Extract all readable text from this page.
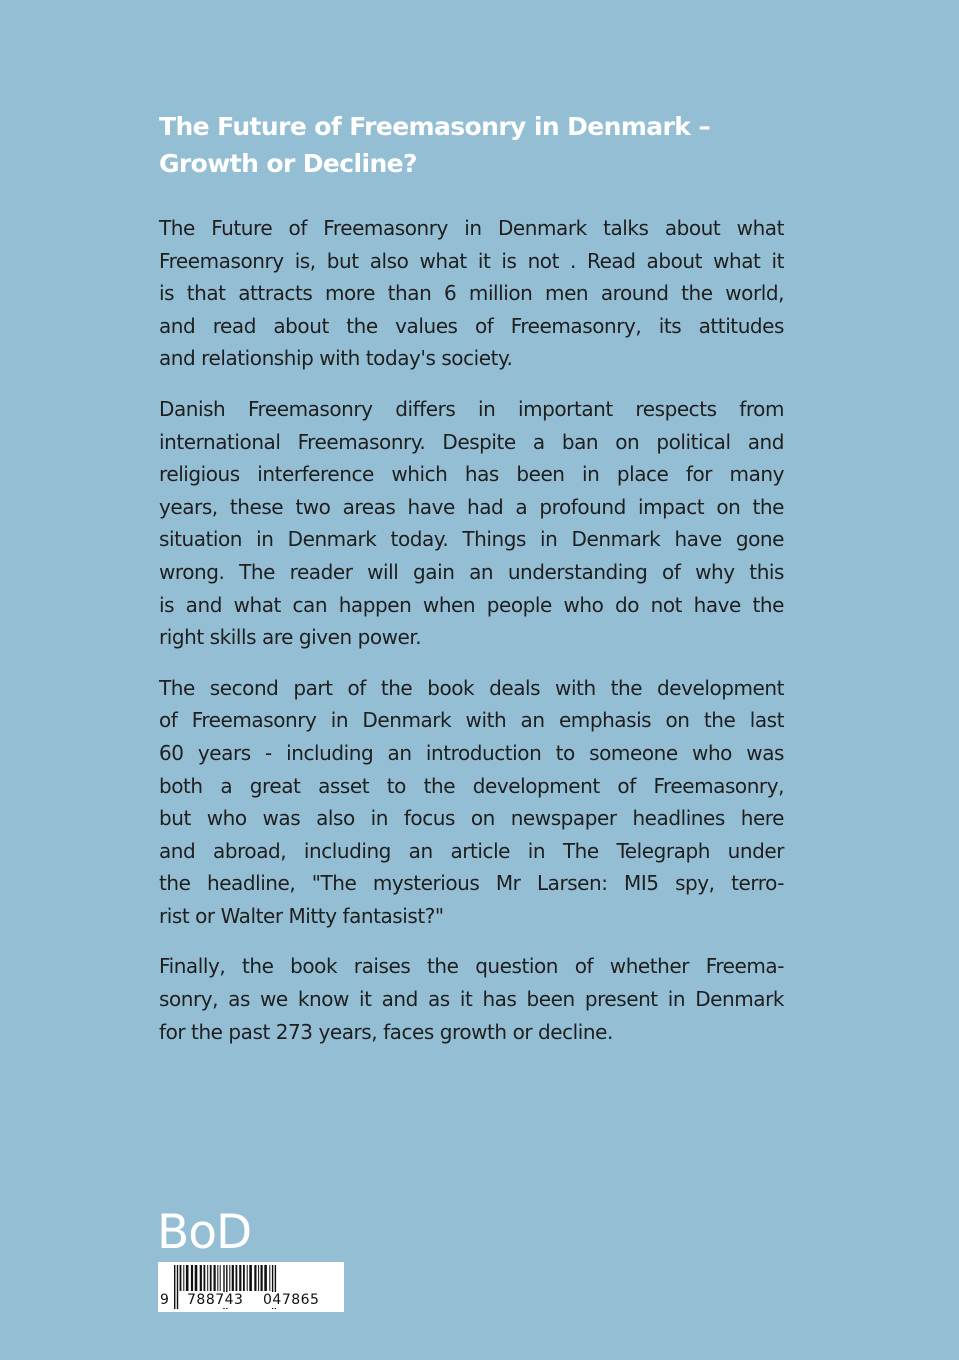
The Future of Freemasonry in Denmark –
Growth or Decline?

The Future of Freemasonry in Denmark talks about what
Freemasonry is, but also what it is not . Read about what it
is that attracts more than 6 million men around the world,
and read about the values of Freemasonry, its attitudes
and relationship with today's society.

Danish Freemasonry differs in important respects from
international Freemasonry. Despite a ban on political and
religious interference which has been in place for many
years, these two areas have had a profound impact on the
situation in Denmark today. Things in Denmark have gone
wrong. The reader will gain an understanding of why this
is and what can happen when people who do not have the
right skills are given power.

The second part of the book deals with the development
of Freemasonry in Denmark with an emphasis on the last
60 years - including an introduction to someone who was
both a great asset to the development of Freemasonry,
but who was also in focus on newspaper headlines here
and abroad, including an article in The Telegraph under
the headline, "The mysterious Mr Larsen: MI5 spy, terro-
rist or Walter Mitty fantasist?"

Finally, the book raises the question of whether Freema-
sonry, as we know it and as it has been present in Denmark
for the past 273 years, faces growth or decline.

BoD
9 788743 047865
